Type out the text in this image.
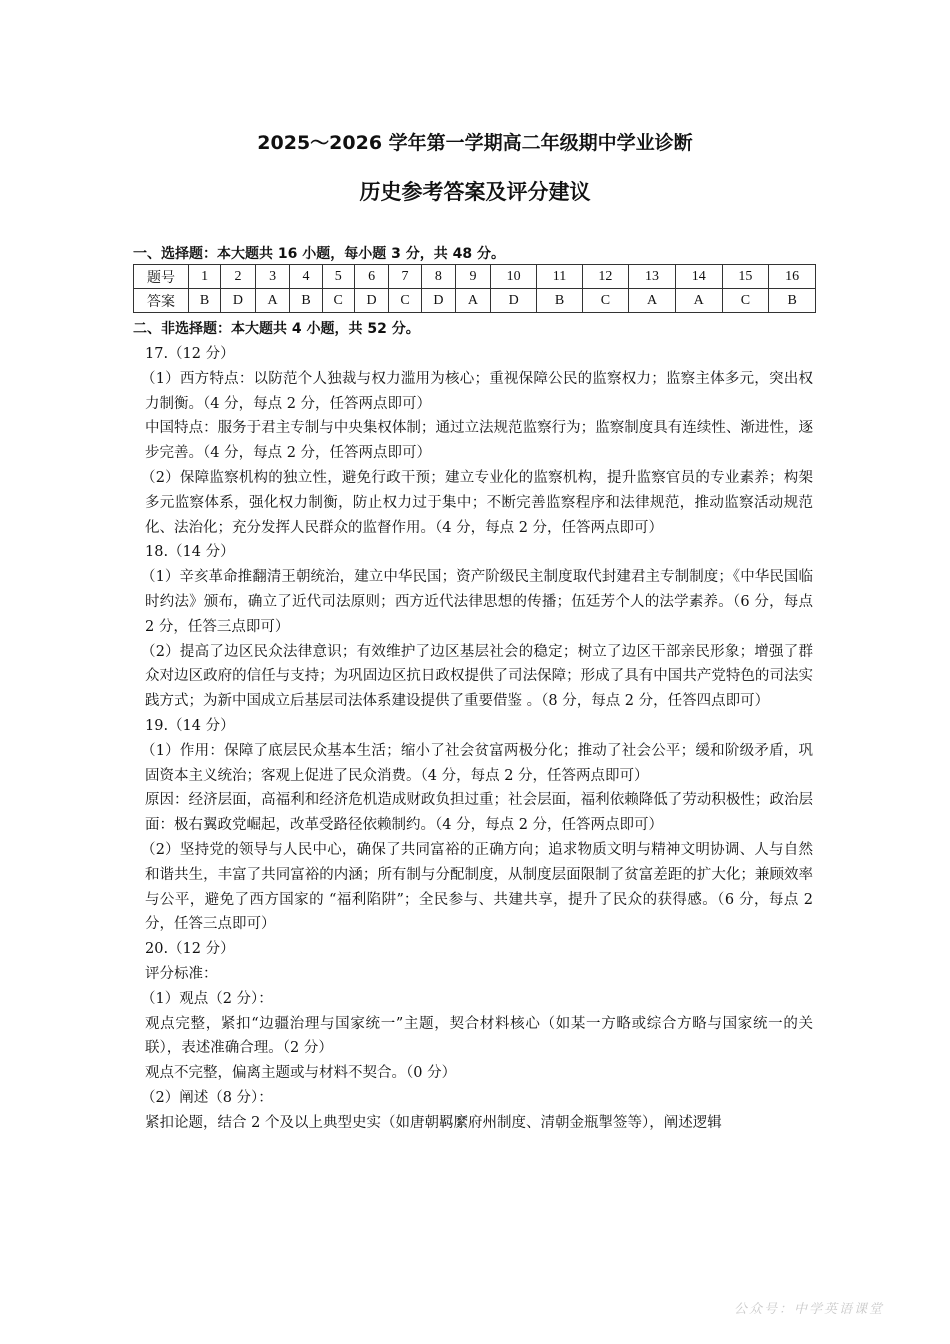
2025～2026 学年第一学期高二年级期中学业诊断
历史参考答案及评分建议
一、选择题：本大题共 16 小题，每小题 3 分，共 48 分。
题号	1	2	3	4	5	6	7	8	9	10	11	12	13	14	15	16
答案	B	D	A	B	C	D	C	D	A	D	B	C	A	A	C	B
二、非选择题：本大题共 4 小题，共 52 分。

17.（12 分）

（1）西方特点：以防范个人独裁与权力滥用为核心；重视保障公民的监察权力；监察主体多元，突出权力制衡。（4 分，每点 2 分，任答两点即可）

中国特点：服务于君主专制与中央集权体制；通过立法规范监察行为；监察制度具有连续性、渐进性，逐步完善。（4 分，每点 2 分，任答两点即可）

（2）保障监察机构的独立性，避免行政干预；建立专业化的监察机构，提升监察官员的专业素养；构架多元监察体系，强化权力制衡，防止权力过于集中；不断完善监察程序和法律规范，推动监察活动规范化、法治化；充分发挥人民群众的监督作用。（4 分，每点 2 分，任答两点即可）

18.（14 分）

（1）辛亥革命推翻清王朝统治，建立中华民国；资产阶级民主制度取代封建君主专制制度；《中华民国临时约法》颁布，确立了近代司法原则；西方近代法律思想的传播；伍廷芳个人的法学素养。（6 分，每点 2 分，任答三点即可）

（2）提高了边区民众法律意识；有效维护了边区基层社会的稳定；树立了边区干部亲民形象；增强了群众对边区政府的信任与支持；为巩固边区抗日政权提供了司法保障；形成了具有中国共产党特色的司法实践方式；为新中国成立后基层司法体系建设提供了重要借鉴 。（8 分，每点 2 分，任答四点即可）

19.（14 分）

（1）作用：保障了底层民众基本生活；缩小了社会贫富两极分化；推动了社会公平；缓和阶级矛盾，巩固资本主义统治；客观上促进了民众消费。（4 分，每点 2 分，任答两点即可）

原因：经济层面，高福利和经济危机造成财政负担过重；社会层面，福利依赖降低了劳动积极性；政治层面：极右翼政党崛起，改革受路径依赖制约。（4 分，每点 2 分，任答两点即可）

（2）坚持党的领导与人民中心，确保了共同富裕的正确方向；追求物质文明与精神文明协调、人与自然和谐共生，丰富了共同富裕的内涵；所有制与分配制度，从制度层面限制了贫富差距的扩大化；兼顾效率与公平，避免了西方国家的 “福利陷阱”；全民参与、共建共享，提升了民众的获得感。（6 分，每点 2 分，任答三点即可）

20.（12 分）

评分标准：

（1）观点（2 分）：

观点完整，紧扣“边疆治理与国家统一”主题，契合材料核心（如某一方略或综合方略与国家统一的关联），表述准确合理。（2 分）

观点不完整，偏离主题或与材料不契合。（0 分）

（2）阐述（8 分）：

紧扣论题，结合 2 个及以上典型史实（如唐朝羁縻府州制度、清朝金瓶掣签等），阐述逻辑

公众号：中学英语课堂
